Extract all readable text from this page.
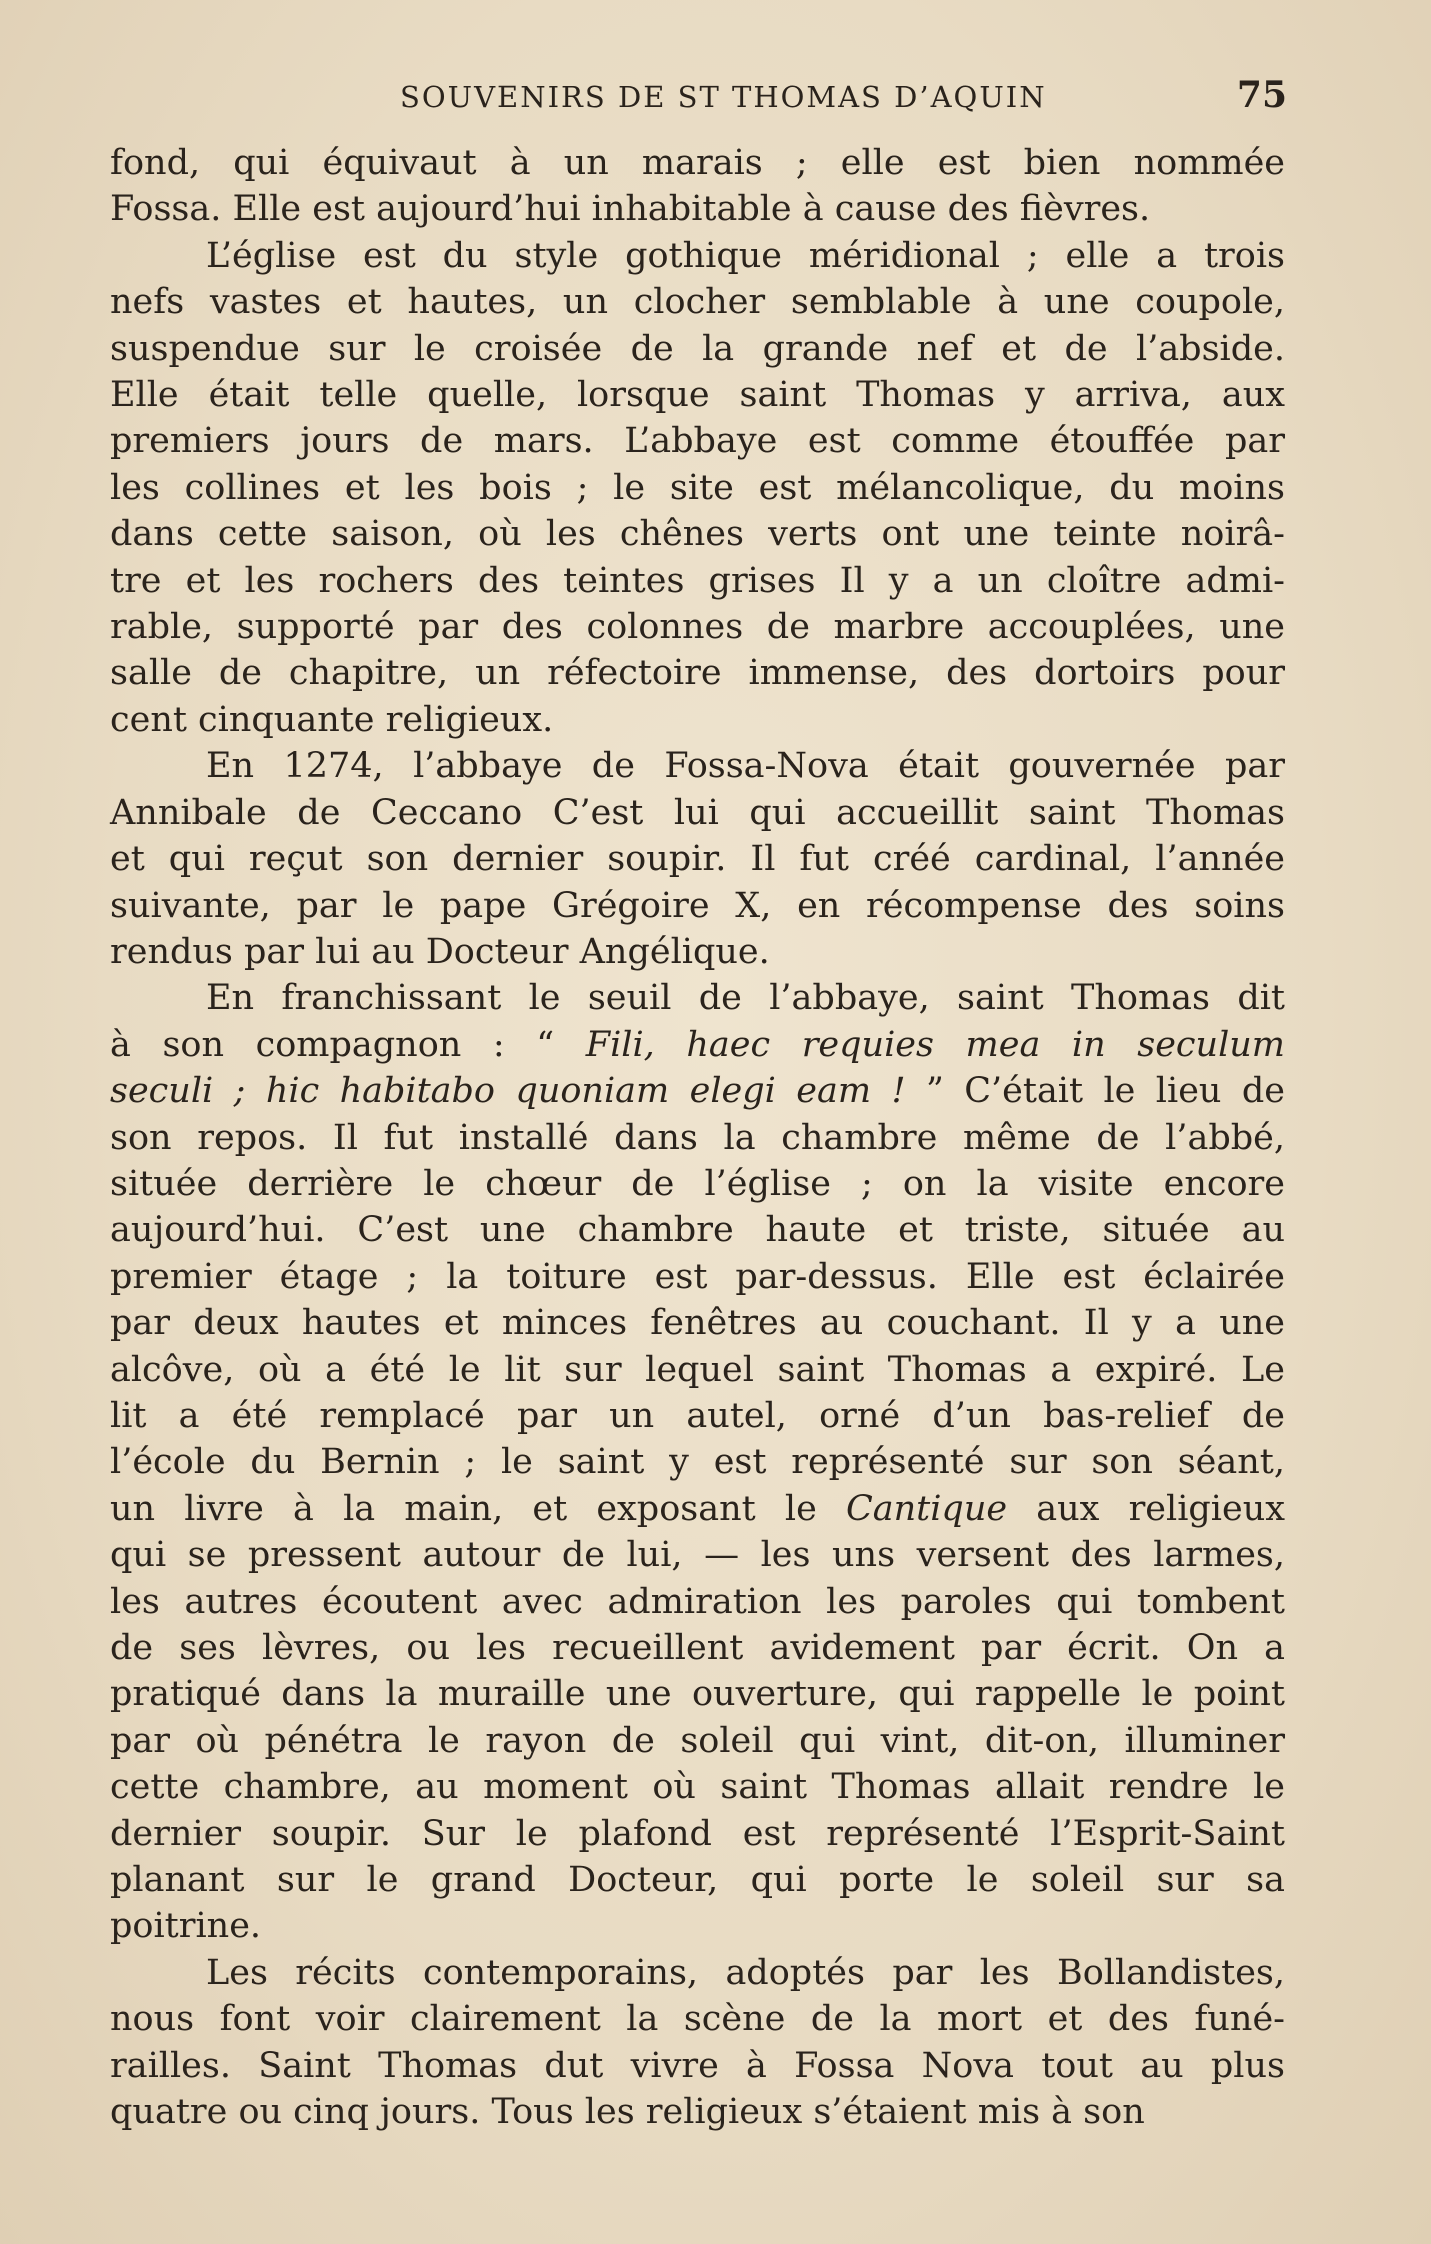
SOUVENIRS DE ST THOMAS D’AQUIN	75

fond, qui équivaut à un marais ; elle est bien nommée

Fossa. Elle est aujourd’hui inhabitable à cause des fièvres.

L’église est du style gothique méridional ; elle a trois

nefs vastes et hautes, un clocher semblable à une coupole,

suspendue sur le croisée de la grande nef et de l’abside.

Elle était telle quelle, lorsque saint Thomas y arriva, aux

premiers jours de mars. L’abbaye est comme étouffée par

les collines et les bois ; le site est mélancolique, du moins

dans cette saison, où les chênes verts ont une teinte noirâ-

tre et les rochers des teintes grises Il y a un cloître admi-

rable, supporté par des colonnes de marbre accouplées, une

salle de chapitre, un réfectoire immense, des dortoirs pour

cent cinquante religieux.

En 1274, l’abbaye de Fossa-Nova était gouvernée par

Annibale de Ceccano C’est lui qui accueillit saint Thomas

et qui reçut son dernier soupir. Il fut créé cardinal, l’année

suivante, par le pape Grégoire X, en récompense des soins

rendus par lui au Docteur Angélique.

En franchissant le seuil de l’abbaye, saint Thomas dit

à son compagnon : “ Fili, haec requies mea in seculum

seculi ; hic habitabo quoniam elegi eam ! ” C’était le lieu de

son repos. Il fut installé dans la chambre même de l’abbé,

située derrière le chœur de l’église ; on la visite encore

aujourd’hui. C’est une chambre haute et triste, située au

premier étage ; la toiture est par-dessus. Elle est éclairée

par deux hautes et minces fenêtres au couchant. Il y a une

alcôve, où a été le lit sur lequel saint Thomas a expiré. Le

lit a été remplacé par un autel, orné d’un bas-relief de

l’école du Bernin ; le saint y est représenté sur son séant,

un livre à la main, et exposant le Cantique aux religieux

qui se pressent autour de lui, — les uns versent des larmes,

les autres écoutent avec admiration les paroles qui tombent

de ses lèvres, ou les recueillent avidement par écrit. On a

pratiqué dans la muraille une ouverture, qui rappelle le point

par où pénétra le rayon de soleil qui vint, dit-on, illuminer

cette chambre, au moment où saint Thomas allait rendre le

dernier soupir. Sur le plafond est représenté l’Esprit-Saint

planant sur le grand Docteur, qui porte le soleil sur sa

poitrine.

Les récits contemporains, adoptés par les Bollandistes,

nous font voir clairement la scène de la mort et des funé-

railles. Saint Thomas dut vivre à Fossa Nova tout au plus

quatre ou cinq jours. Tous les religieux s’étaient mis à son
